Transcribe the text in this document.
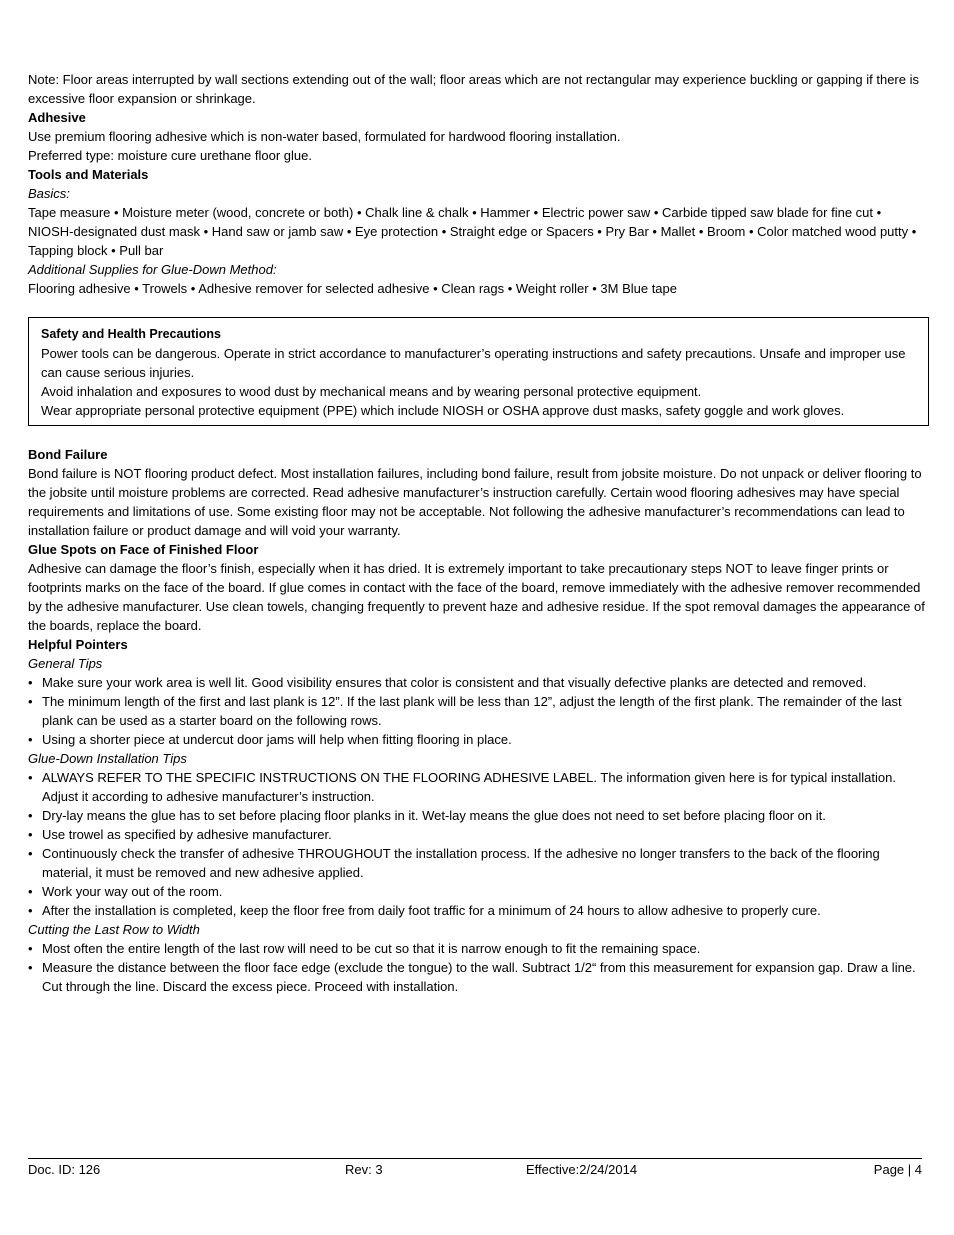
Note: Floor areas interrupted by wall sections extending out of the wall; floor areas which are not rectangular may experience buckling or gapping if there is excessive floor expansion or shrinkage.

Adhesive

Use premium flooring adhesive which is non-water based, formulated for hardwood flooring installation.

Preferred type: moisture cure urethane floor glue.

Tools and Materials

Basics:

Tape measure • Moisture meter (wood, concrete or both) • Chalk line & chalk • Hammer • Electric power saw • Carbide tipped saw blade for fine cut • NIOSH-designated dust mask • Hand saw or jamb saw • Eye protection • Straight edge or Spacers • Pry Bar • Mallet • Broom • Color matched wood putty • Tapping block • Pull bar

Additional Supplies for Glue-Down Method:

Flooring adhesive • Trowels • Adhesive remover for selected adhesive • Clean rags • Weight roller • 3M Blue tape

Safety and Health Precautions

Power tools can be dangerous. Operate in strict accordance to manufacturer’s operating instructions and safety precautions. Unsafe and improper use can cause serious injuries.

Avoid inhalation and exposures to wood dust by mechanical means and by wearing personal protective equipment.

Wear appropriate personal protective equipment (PPE) which include NIOSH or OSHA approve dust masks, safety goggle and work gloves.

Bond Failure

Bond failure is NOT flooring product defect. Most installation failures, including bond failure, result from jobsite moisture. Do not unpack or deliver flooring to the jobsite until moisture problems are corrected. Read adhesive manufacturer’s instruction carefully. Certain wood flooring adhesives may have special requirements and limitations of use. Some existing floor may not be acceptable. Not following the adhesive manufacturer’s recommendations can lead to installation failure or product damage and will void your warranty.

Glue Spots on Face of Finished Floor

Adhesive can damage the floor’s finish, especially when it has dried. It is extremely important to take precautionary steps NOT to leave finger prints or footprints marks on the face of the board. If glue comes in contact with the face of the board, remove immediately with the adhesive remover recommended by the adhesive manufacturer. Use clean towels, changing frequently to prevent haze and adhesive residue. If the spot removal damages the appearance of the boards, replace the board.

Helpful Pointers

General Tips

• Make sure your work area is well lit. Good visibility ensures that color is consistent and that visually defective planks are detected and removed.
• The minimum length of the first and last plank is 12”. If the last plank will be less than 12”, adjust the length of the first plank. The remainder of the last plank can be used as a starter board on the following rows.
• Using a shorter piece at undercut door jams will help when fitting flooring in place.

Glue-Down Installation Tips

• ALWAYS REFER TO THE SPECIFIC INSTRUCTIONS ON THE FLOORING ADHESIVE LABEL. The information given here is for typical installation. Adjust it according to adhesive manufacturer’s instruction.
• Dry-lay means the glue has to set before placing floor planks in it. Wet-lay means the glue does not need to set before placing floor on it.
• Use trowel as specified by adhesive manufacturer.
• Continuously check the transfer of adhesive THROUGHOUT the installation process. If the adhesive no longer transfers to the back of the flooring material, it must be removed and new adhesive applied.
• Work your way out of the room.
• After the installation is completed, keep the floor free from daily foot traffic for a minimum of 24 hours to allow adhesive to properly cure.

Cutting the Last Row to Width

• Most often the entire length of the last row will need to be cut so that it is narrow enough to fit the remaining space.
• Measure the distance between the floor face edge (exclude the tongue) to the wall. Subtract 1/2“ from this measurement for expansion gap. Draw a line. Cut through the line. Discard the excess piece. Proceed with installation.
Doc. ID: 126	Rev: 3	Effective:2/24/2014	Page | 4
